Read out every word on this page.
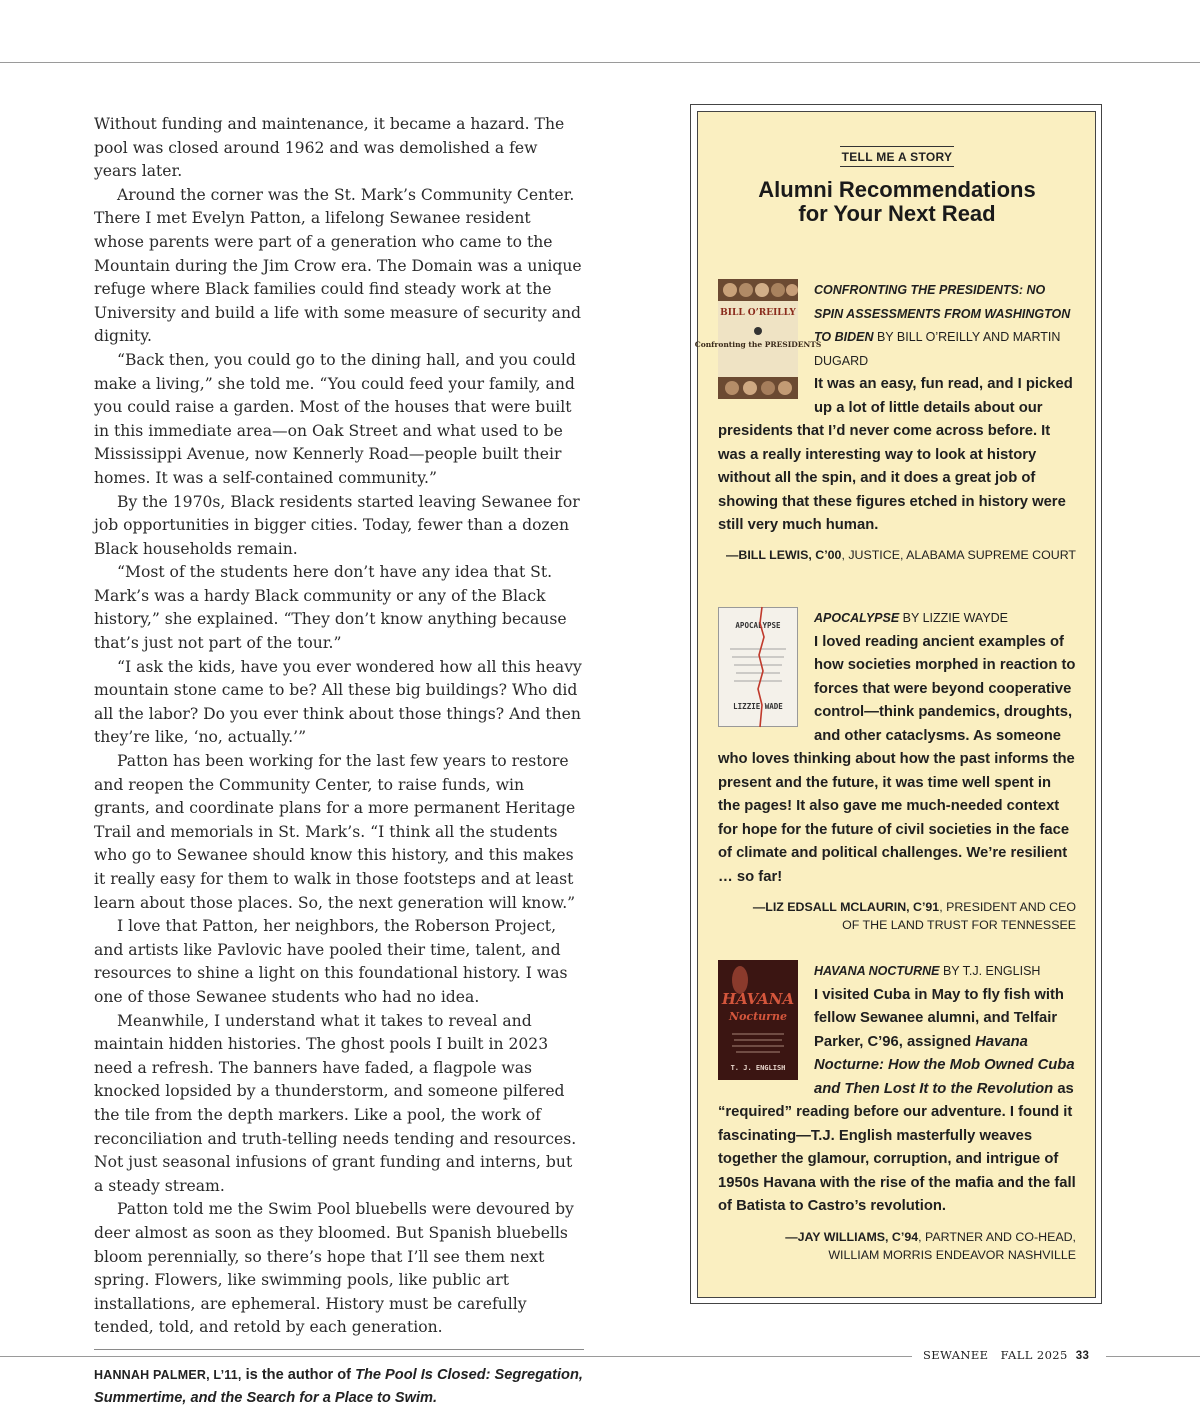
Without funding and maintenance, it became a hazard. The pool was closed around 1962 and was demolished a few years later.

Around the corner was the St. Mark’s Community Center. There I met Evelyn Patton, a lifelong Sewanee resident whose parents were part of a generation who came to the Mountain during the Jim Crow era. The Domain was a unique refuge where Black families could find steady work at the University and build a life with some measure of security and dignity.

“Back then, you could go to the dining hall, and you could make a living,” she told me. “You could feed your family, and you could raise a garden. Most of the houses that were built in this immediate area—on Oak Street and what used to be Mississippi Avenue, now Kennerly Road—people built their homes. It was a self-contained community.”

By the 1970s, Black residents started leaving Sewanee for job opportunities in bigger cities. Today, fewer than a dozen Black households remain.

“Most of the students here don’t have any idea that St. Mark’s was a hardy Black community or any of the Black history,” she explained. “They don’t know anything because that’s just not part of the tour.”

“I ask the kids, have you ever wondered how all this heavy mountain stone came to be? All these big buildings? Who did all the labor? Do you ever think about those things? And then they’re like, ‘no, actually.’”

Patton has been working for the last few years to restore and reopen the Community Center, to raise funds, win grants, and coordinate plans for a more permanent Heritage Trail and memorials in St. Mark’s. “I think all the students who go to Sewanee should know this history, and this makes it really easy for them to walk in those footsteps and at least learn about those places. So, the next generation will know.”

I love that Patton, her neighbors, the Roberson Project, and artists like Pavlovic have pooled their time, talent, and resources to shine a light on this foundational history. I was one of those Sewanee students who had no idea.

Meanwhile, I understand what it takes to reveal and maintain hidden histories. The ghost pools I built in 2023 need a refresh. The banners have faded, a flagpole was knocked lopsided by a thunderstorm, and someone pilfered the tile from the depth markers. Like a pool, the work of reconciliation and truth-telling needs tending and resources. Not just seasonal infusions of grant funding and interns, but a steady stream.

Patton told me the Swim Pool bluebells were devoured by deer almost as soon as they bloomed. But Spanish bluebells bloom perennially, so there’s hope that I’ll see them next spring. Flowers, like swimming pools, like public art installations, are ephemeral. History must be carefully tended, told, and retold by each generation.

HANNAH PALMER, L’11, is the author of The Pool Is Closed: Segregation, Summertime, and the Search for a Place to Swim.
TELL ME A STORY
Alumni Recommendations
for Your Next Read
BILL O’REILLY
Confronting the PRESIDENTS
CONFRONTING THE PRESIDENTS: NO SPIN ASSESSMENTS FROM WASHINGTON TO BIDEN BY BILL O’REILLY AND MARTIN DUGARD
It was an easy, fun read, and I picked up a lot of little details about our presidents that I’d never come across before. It was a really interesting way to look at history without all the spin, and it does a great job of showing that these figures etched in history were still very much human.
—BILL LEWIS, C’00, JUSTICE, ALABAMA SUPREME COURT
APOCALYPSE
LIZZIE WADE
APOCALYPSE BY LIZZIE WAYDE
I loved reading ancient examples of how societies morphed in reaction to forces that were beyond cooperative control—think pandemics, droughts, and other cataclysms. As someone who loves thinking about how the past informs the present and the future, it was time well spent in the pages! It also gave me much-needed context for hope for the future of civil societies in the face of climate and political challenges. We’re resilient … so far!
—LIZ EDSALL MCLAURIN, C’91, PRESIDENT AND CEO
OF THE LAND TRUST FOR TENNESSEE
HAVANA
Nocturne
T. J. ENGLISH
HAVANA NOCTURNE BY T.J. ENGLISH
I visited Cuba in May to fly fish with fellow Sewanee alumni, and Telfair Parker, C’96, assigned Havana Nocturne: How the Mob Owned Cuba and Then Lost It to the Revolution as “required” reading before our adventure. I found it fascinating—T.J. English masterfully weaves together the glamour, corruption, and intrigue of 1950s Havana with the rise of the mafia and the fall of Batista to Castro’s revolution.
—JAY WILLIAMS, C’94, PARTNER AND CO-HEAD,
WILLIAM MORRIS ENDEAVOR NASHVILLE
SEWANEE FALL 2025 33
